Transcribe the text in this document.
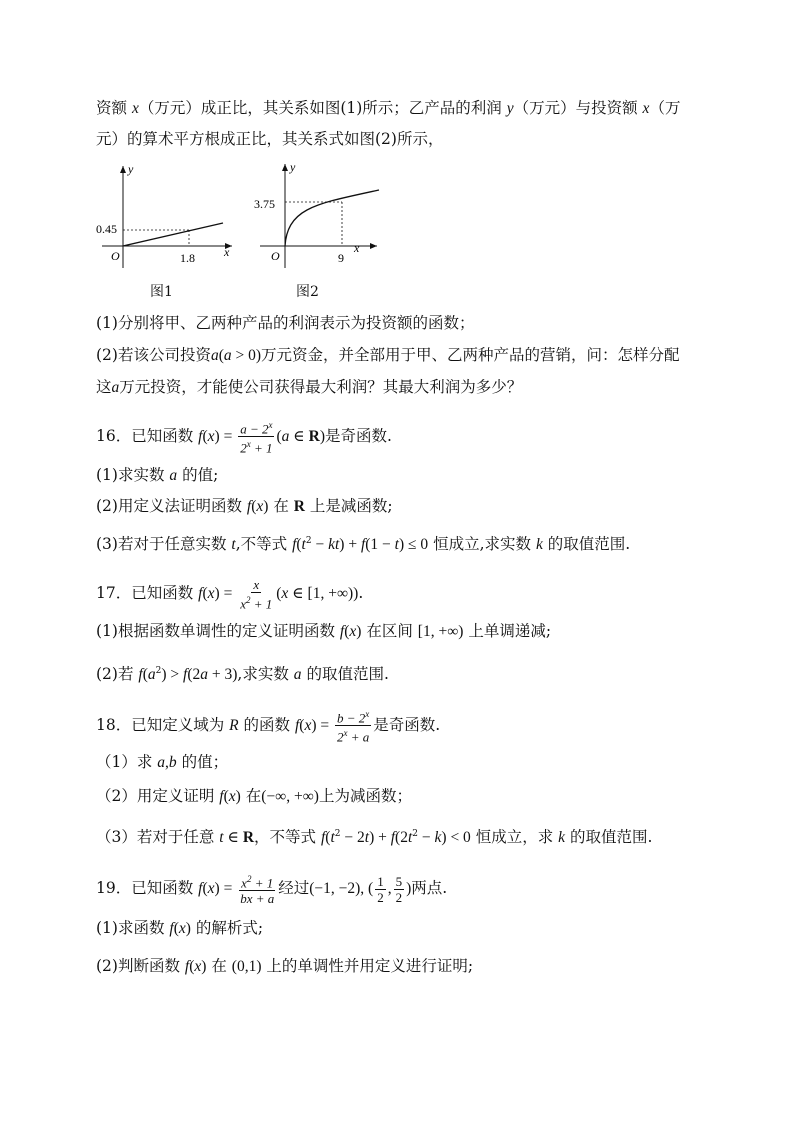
资额 x（万元）成正比，其关系如图(1)所示；乙产品的利润 y（万元）与投资额 x（万
元）的算术平方根成正比，其关系式如图(2)所示，
y
x
O
0.45
1.8
图1
y
x
O
3.75
9
图2
(1)分别将甲、乙两种产品的利润表示为投资额的函数；
(2)若该公司投资a(a > 0)万元资金，并全部用于甲、乙两种产品的营销，问：怎样分配
这a万元投资，才能使公司获得最大利润？其最大利润为多少？
16．已知函数 $f(x) = \frac{a - 2^x}{2^x + 1} (a$ ∈ R)是奇函数.
(1)求实数 a 的值;
(2)用定义法证明函数 f(x) 在 R 上是减函数;
(3)若对于任意实数 t,不等式 $f(t^2 - kt) + f(1 - t) \le 0$ 恒成立,求实数 k 的取值范围.
17．已知函数 $f(x) = \frac{x}{x^2 + 1} (x$ ∈ [1, +∞)).
(1)根据函数单调性的定义证明函数 f(x) 在区间 [1, +∞) 上单调递减;
(2)若 $f(a^2) > f(2a + 3)$,求实数 a 的取值范围.
18．已知定义域为 R 的函数 $f(x) = \frac{b - 2^x}{2^x + a}$ 是奇函数.
（1）求 a,b 的值；
（2）用定义证明 f(x) 在(−∞, +∞)上为减函数；
（3）若对于任意 t ∈ R，不等式 $f(t^2 - 2t) + f(2t^2 - k) < 0$ 恒成立，求 k 的取值范围.
19．已知函数 $f(x) = \frac{x^2 + 1}{bx + a}$ 经过(−1, −2), ( $\frac{1}{2}$ , $\frac{5}{2}$ )两点.
(1)求函数 f(x) 的解析式;
(2)判断函数 f(x) 在 (0,1) 上的单调性并用定义进行证明;
